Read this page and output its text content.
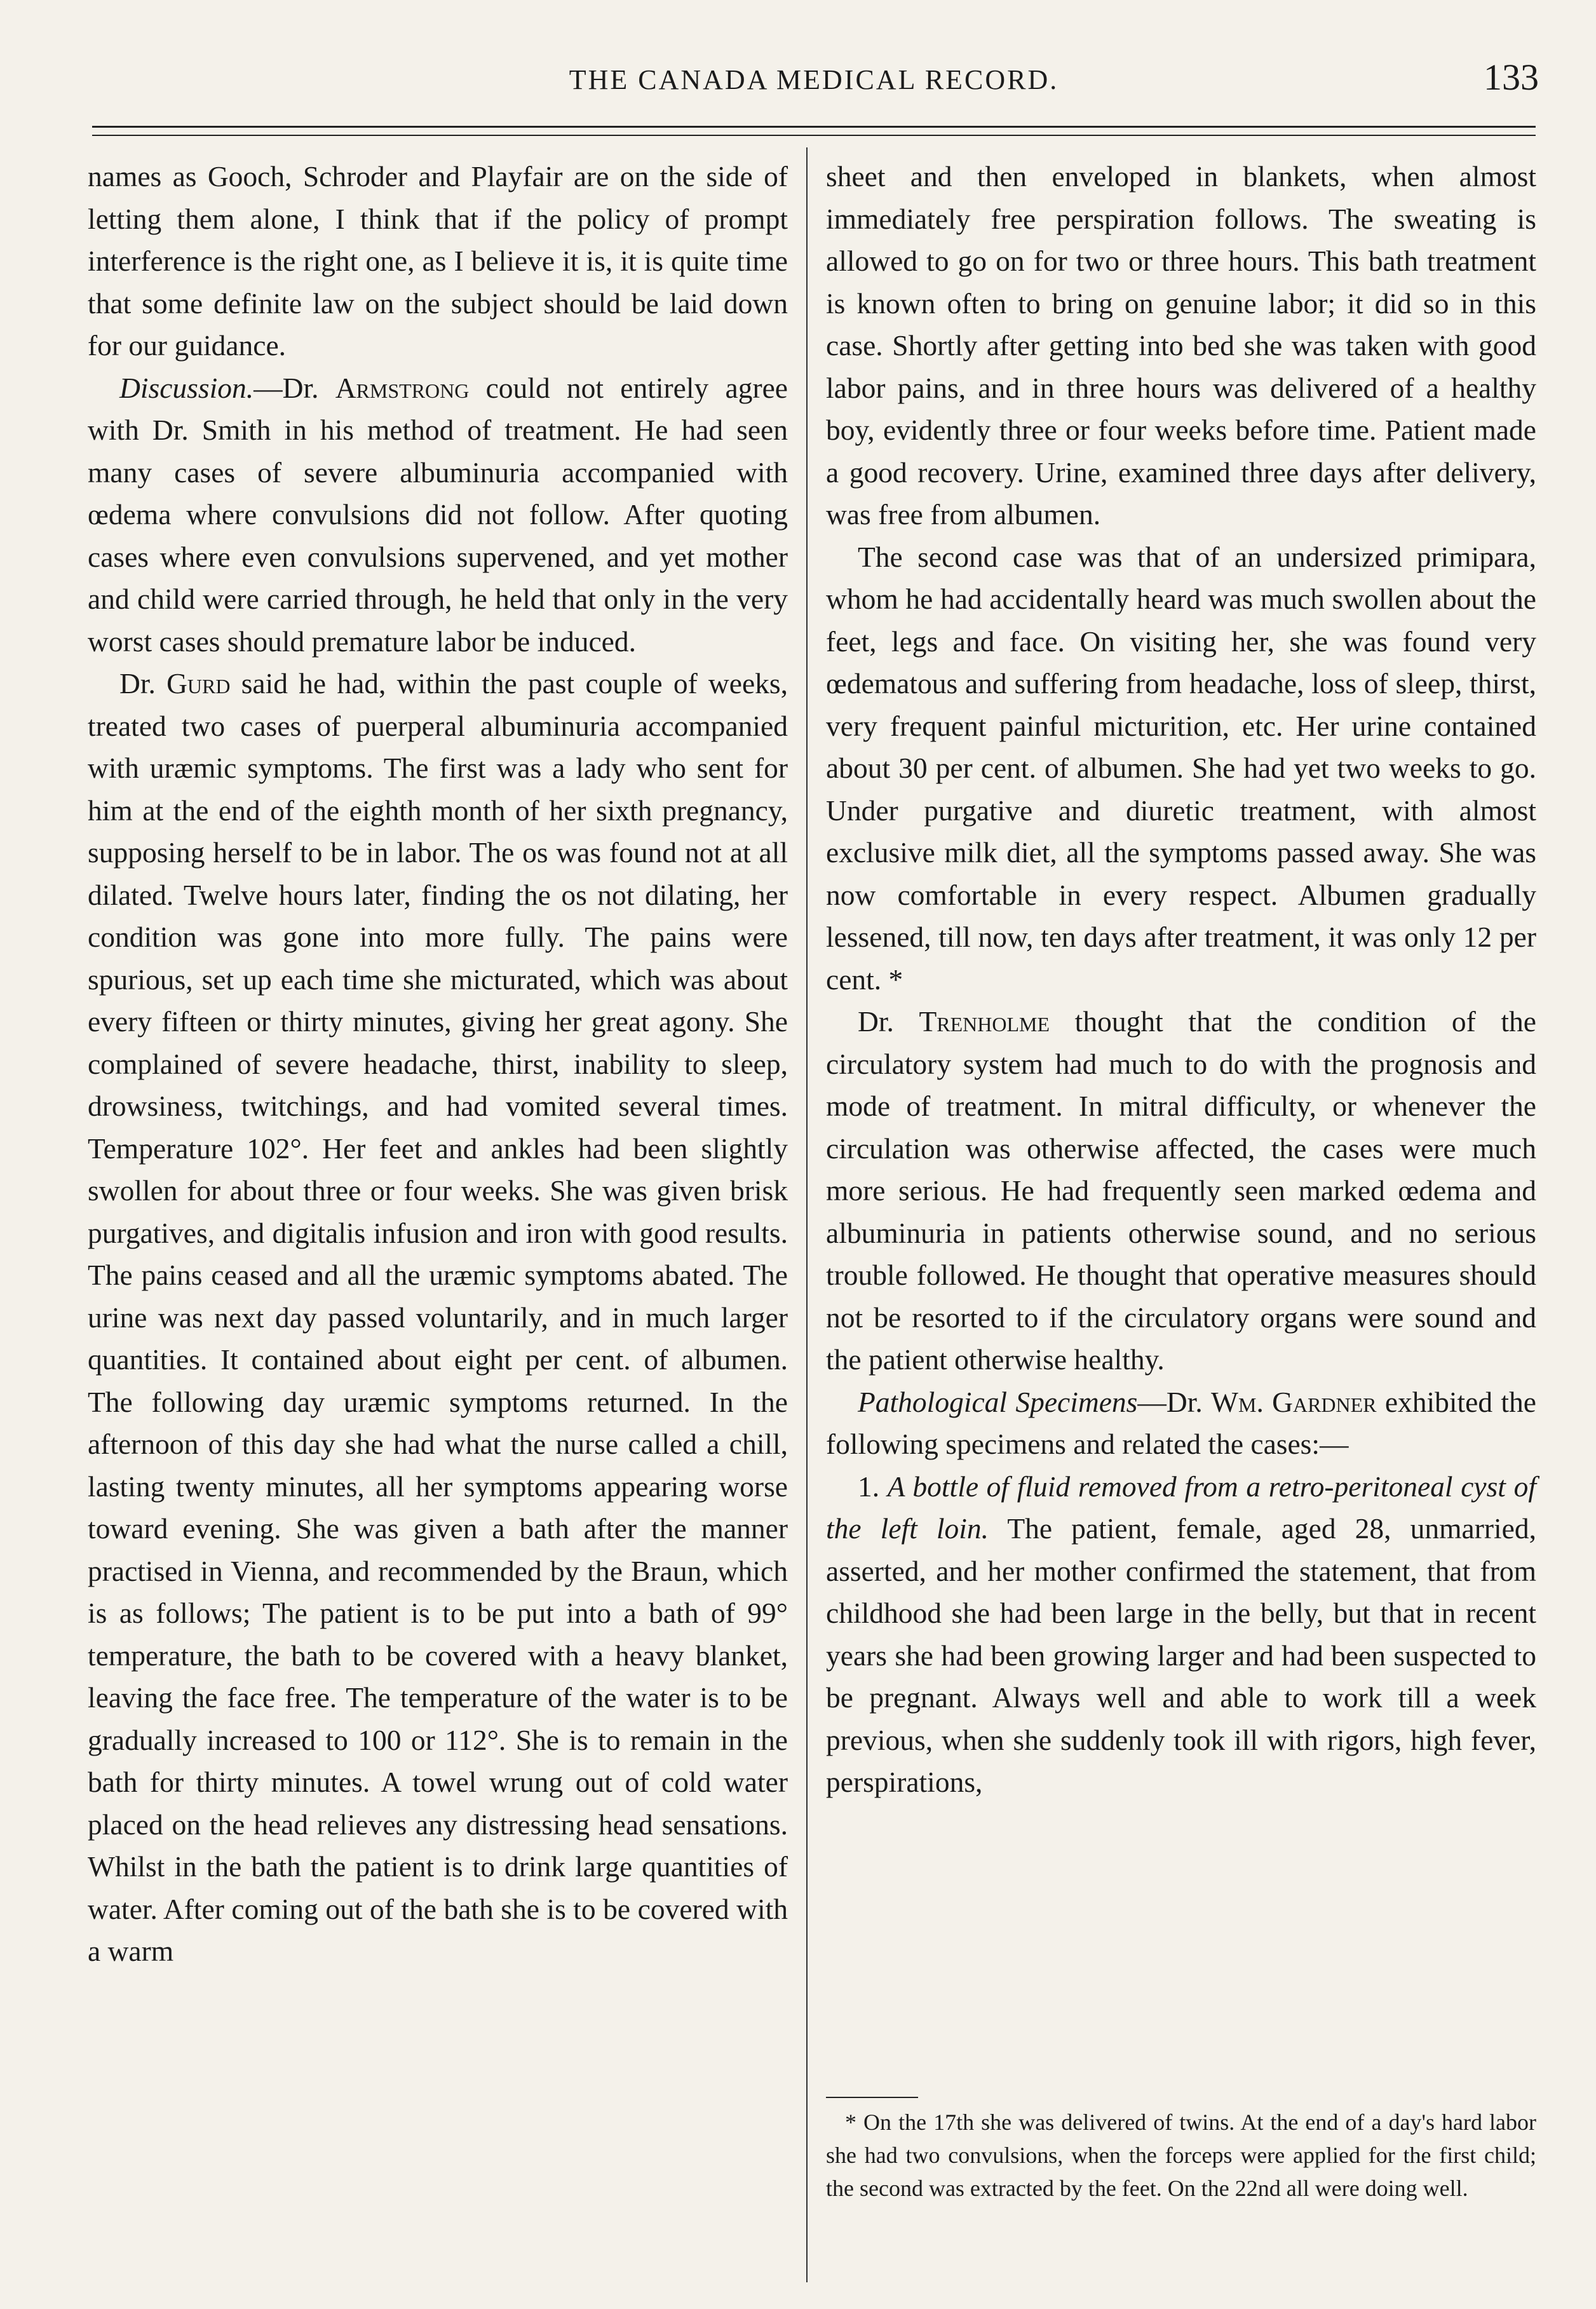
THE CANADA MEDICAL RECORD.	133

names as Gooch, Schroder and Playfair are on the side of letting them alone, I think that if the policy of prompt interference is the right one, as I believe it is, it is quite time that some definite law on the subject should be laid down for our guidance.

Discussion.—Dr. Armstrong could not entirely agree with Dr. Smith in his method of treatment. He had seen many cases of severe albuminuria accompanied with œdema where convulsions did not follow. After quoting cases where even convulsions supervened, and yet mother and child were carried through, he held that only in the very worst cases should premature labor be induced.

Dr. Gurd said he had, within the past couple of weeks, treated two cases of puerperal albuminuria accompanied with uræmic symptoms. The first was a lady who sent for him at the end of the eighth month of her sixth pregnancy, supposing herself to be in labor. The os was found not at all dilated. Twelve hours later, finding the os not dilating, her condition was gone into more fully. The pains were spurious, set up each time she micturated, which was about every fifteen or thirty minutes, giving her great agony. She complained of severe headache, thirst, inability to sleep, drowsiness, twitchings, and had vomited several times. Temperature 102°. Her feet and ankles had been slightly swollen for about three or four weeks. She was given brisk purgatives, and digitalis infusion and iron with good results. The pains ceased and all the uræmic symptoms abated. The urine was next day passed voluntarily, and in much larger quantities. It contained about eight per cent. of albumen. The following day uræmic symptoms returned. In the afternoon of this day she had what the nurse called a chill, lasting twenty minutes, all her symptoms appearing worse toward evening. She was given a bath after the manner practised in Vienna, and recommended by the Braun, which is as follows; The patient is to be put into a bath of 99° temperature, the bath to be covered with a heavy blanket, leaving the face free. The temperature of the water is to be gradually increased to 100 or 112°. She is to remain in the bath for thirty minutes. A towel wrung out of cold water placed on the head relieves any distressing head sensations. Whilst in the bath the patient is to drink large quantities of water. After coming out of the bath she is to be covered with a warm

sheet and then enveloped in blankets, when almost immediately free perspiration follows. The sweating is allowed to go on for two or three hours. This bath treatment is known often to bring on genuine labor; it did so in this case. Shortly after getting into bed she was taken with good labor pains, and in three hours was delivered of a healthy boy, evidently three or four weeks before time. Patient made a good recovery. Urine, examined three days after delivery, was free from albumen.

The second case was that of an undersized primipara, whom he had accidentally heard was much swollen about the feet, legs and face. On visiting her, she was found very œdematous and suffering from headache, loss of sleep, thirst, very frequent painful micturition, etc. Her urine contained about 30 per cent. of albumen. She had yet two weeks to go. Under purgative and diuretic treatment, with almost exclusive milk diet, all the symptoms passed away. She was now comfortable in every respect. Albumen gradually lessened, till now, ten days after treatment, it was only 12 per cent. *

Dr. Trenholme thought that the condition of the circulatory system had much to do with the prognosis and mode of treatment. In mitral difficulty, or whenever the circulation was otherwise affected, the cases were much more serious. He had frequently seen marked œdema and albuminuria in patients otherwise sound, and no serious trouble followed. He thought that operative measures should not be resorted to if the circulatory organs were sound and the patient otherwise healthy.

Pathological Specimens—Dr. Wm. Gardner exhibited the following specimens and related the cases:—

1. A bottle of fluid removed from a retro-peritoneal cyst of the left loin. The patient, female, aged 28, unmarried, asserted, and her mother confirmed the statement, that from childhood she had been large in the belly, but that in recent years she had been growing larger and had been suspected to be pregnant. Always well and able to work till a week previous, when she suddenly took ill with rigors, high fever, perspirations,

* On the 17th she was delivered of twins. At the end of a day's hard labor she had two convulsions, when the forceps were applied for the first child; the second was extracted by the feet. On the 22nd all were doing well.
